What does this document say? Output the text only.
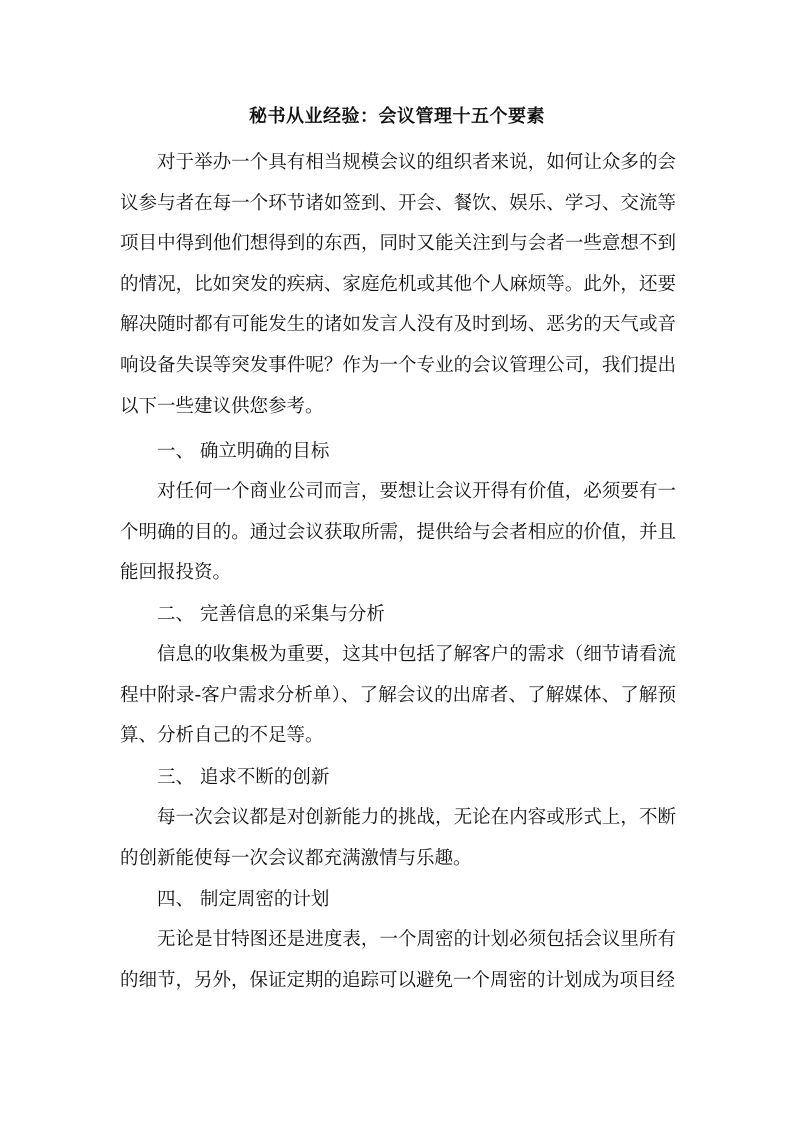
秘书从业经验：会议管理十五个要素

对于举办一个具有相当规模会议的组织者来说，如何让众多的会议参与者在每一个环节诸如签到、开会、餐饮、娱乐、学习、交流等项目中得到他们想得到的东西，同时又能关注到与会者一些意想不到的情况，比如突发的疾病、家庭危机或其他个人麻烦等。此外，还要解决随时都有可能发生的诸如发言人没有及时到场、恶劣的天气或音响设备失误等突发事件呢？作为一个专业的会议管理公司，我们提出以下一些建议供您参考。

一、 确立明确的目标

对任何一个商业公司而言，要想让会议开得有价值，必须要有一个明确的目的。通过会议获取所需，提供给与会者相应的价值，并且能回报投资。

二、 完善信息的采集与分析

信息的收集极为重要，这其中包括了解客户的需求（细节请看流程中附录-客户需求分析单）、了解会议的出席者、了解媒体、了解预算、分析自己的不足等。

三、 追求不断的创新

每一次会议都是对创新能力的挑战，无论在内容或形式上，不断的创新能使每一次会议都充满激情与乐趣。

四、 制定周密的计划

无论是甘特图还是进度表，一个周密的计划必须包括会议里所有的细节，另外，保证定期的追踪可以避免一个周密的计划成为项目经
